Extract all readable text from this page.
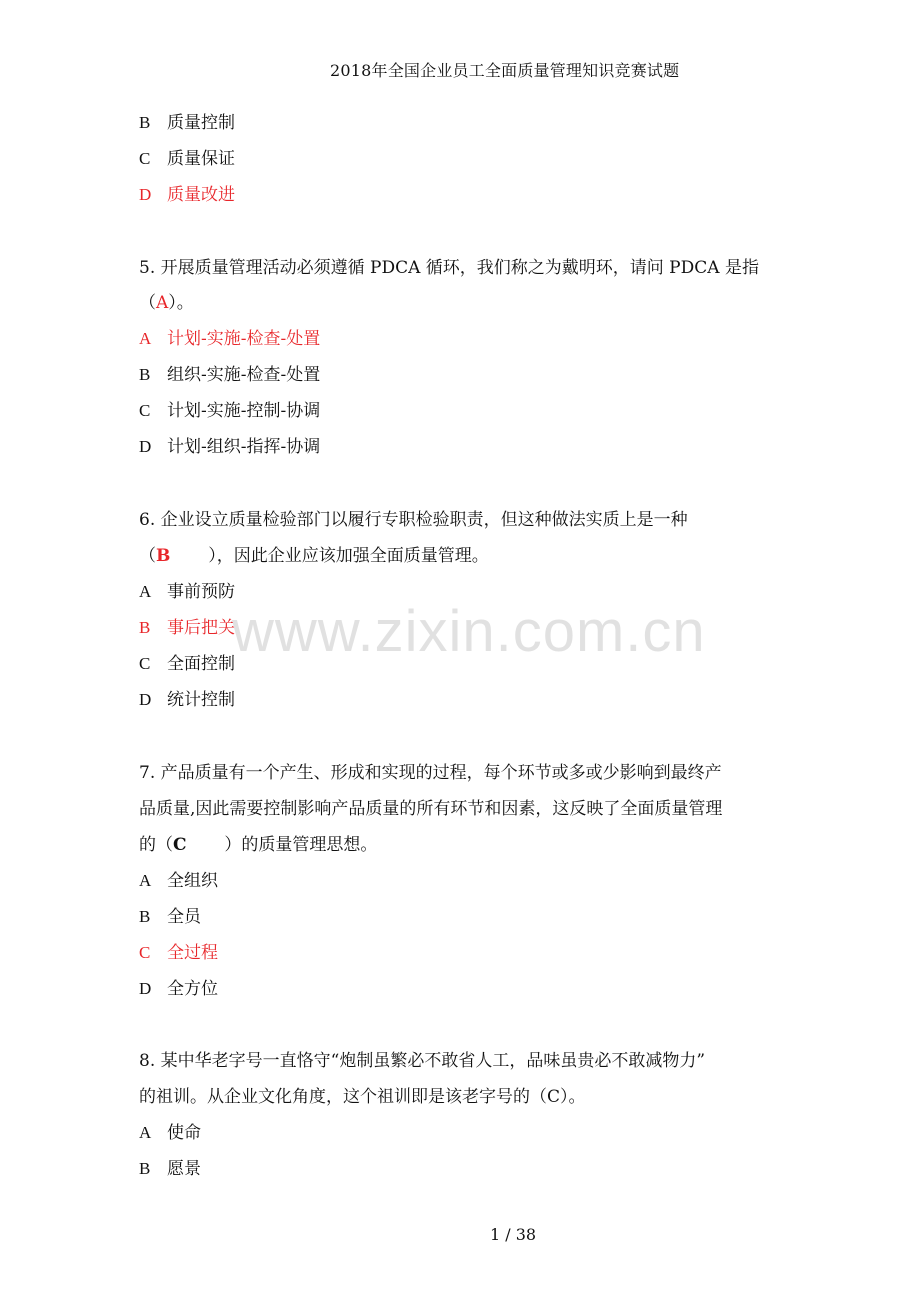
2018年全国企业员工全面质量管理知识竞赛试题
B 质量控制
C 质量保证
D 质量改进
5. 开展质量管理活动必须遵循 PDCA 循环，我们称之为戴明环，请问 PDCA 是指
（A）。
A 计划-实施-检查-处置
B 组织-实施-检查-处置
C 计划-实施-控制-协调
D 计划-组织-指挥-协调
6. 企业设立质量检验部门以履行专职检验职责，但这种做法实质上是一种
（B       ），因此企业应该加强全面质量管理。
A 事前预防
B 事后把关
C 全面控制
D 统计控制
7. 产品质量有一个产生、形成和实现的过程，每个环节或多或少影响到最终产
品质量,因此需要控制影响产品质量的所有环节和因素，这反映了全面质量管理
的（C       ）的质量管理思想。
A 全组织
B 全员
C 全过程
D 全方位
8. 某中华老字号一直恪守“炮制虽繁必不敢省人工，品味虽贵必不敢减物力”
的祖训。从企业文化角度，这个祖训即是该老字号的（C）。
A 使命
B 愿景
www.zixin.com.cn
1 / 38
